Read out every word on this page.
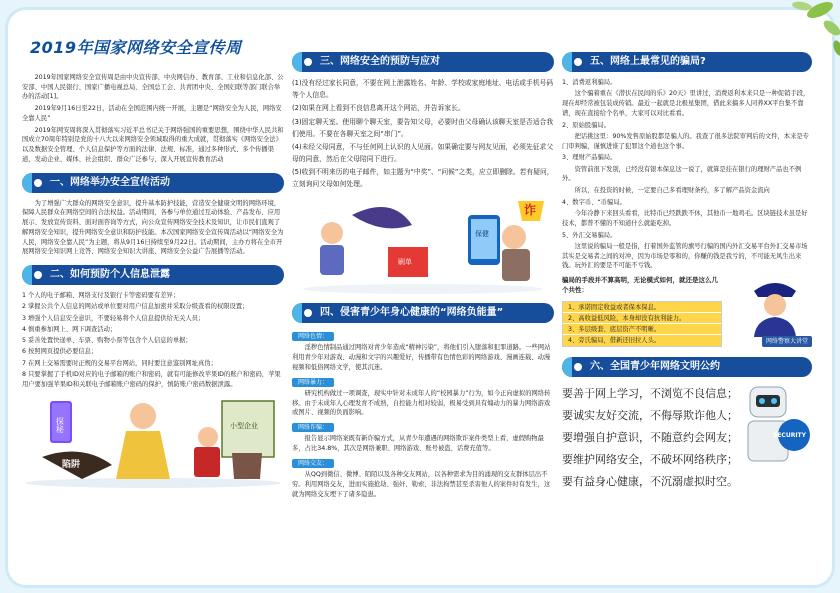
2019年国家网络安全宣传周
2019年国家网络安全宣传周是由中央宣传部、中央网信办、教育部、工业和信息化部、公安部、中国人民银行、国家广播电视总局、全国总工会、共青团中央、全国妇联等部门联合举办的活动[1]。
2019年9月16日至22日，活动在全国范围内统一开展，主题是“网络安全为人民，网络安全靠人民”
2019年网安周将深入贯彻落实习近平总书记关于网络强国的重要思想，围绕中华人民共和国成立70周年特别是党的十八大以来网络安全领域取得的重大成就，贯彻落实《网络安全法》以及数据安全管理、个人信息保护等方面的法律、法规、标准，通过多种形式、多个传播渠道，发动企业、媒体、社会组织、群众广泛参与，深入开展宣传教育活动
一、网络举办安全宣传活动
为了增强广大群众的网络安全意识，提升基本防护技能，营造安全健康文明的网络环境，保障人民群众在网络空间的合法权益。活动期间，各参与单位通过互动体验、产品发布、应用展示、发放宣传资料、面对面咨询等方式，向公众宣传网络安全技术及知识，让市民们直观了解网络安全知识，提升网络安全意识和防护技能。本次国家网络安全宣传周活动以“网络安全为人民，网络安全靠人民”为主题，将从9月16日持续至9月22日。活动期间，主办方将在全市开展网络安全知识网上竞答、网络安全知识大讲座、网络安全公益广告展播等活动。
二、如何预防个人信息泄露
1 个人的电子邮箱、网络支付及银行卡等密码要有差异；
2 掌握公共个人信息的网站或单位要对用户信息加密并采取分级查看的权限设置；
3 增强个人信息安全意识，不要轻易将个人信息提供给无关人员；
4 慎重参加网上、网下调查活动；
5 妥善处置快递单、车票、购物小票等包含个人信息的单据；
6 按照网页提供必要信息；
7 在网上交易需要时正规的交易平台网站，同时要注意鉴别网址真伪；
8 只要掌握了手机ID对应的电子邮箱的账户和密码，就有可能修改苹果ID的账户和密码，苹果用户要加强苹果ID和关联电子邮箱账户密码的保护，慎防账户密码数据泄露。
探秘
陷阱
小型企业
三、网络安全的预防与应对
(1)没有经过家长同意，不要在网上泄露姓名、年龄、学校或家庭地址、电话或手机号码等个人信息。
(2)如果在网上看到不良信息离开这个网站，并告诉家长。
(3)固定聊天室。使用聊个聊天室，要告知父母，必要时由父母确认该聊天室是否适合我们使用。不要在各聊天室之间“串门”。
(4)未经父母同意，不与任何网上认识的人见面。如果确定要与网友见面，必须先征求父母的同意，然后在父母陪同下进行。
(5)收到不明来历的电子邮件，如主题为“中奖”、“问候”之类，应立即删除。若有疑问，立刻询问父母如何处理。
诈
保健
刷单
四、侵害青少年身心健康的“网络负能量”
网络色情：
淫秽色情制品通过网络对青少年造成“精神污染”，将他们引入堕落和犯罪道路。一些网站利用青少年对游戏、动漫和文字的兴趣爱好，传播带有色情色彩的网络游戏、漫画连载、动漫视频和低俗网络文学，使其沉迷。
网络暴力：
研究机构做过一项调查，现实中针对未成年人的“校园暴力”行为，如今正向虚拟的网络转移。由于未成年人心理发育不成熟，自控能力相对较弱，极易受到具有煽动力的暴力网络游戏或图片、视频的负面影响。
网络诈骗：
报告显示网络案既有新诈骗方式，从青少年遭遇的网络欺诈案件类型上看，虚假购物最多，占比34.8%，其次是网络兼职、网络游戏、账号被盗、话费充值等。
网络交友：
从QQ到微信、微博、陌陌以及各种交友网站，以各种需求为目的涌现的交友群体层出不穷。利用网络交友，进而实施抢劫、强奸、勒索、非法拘禁甚至杀害他人的案件时有发生，这就为网络交友埋下了诸多隐患。
五、网络上最常见的骗局?
1、消费返利骗局。
这个骗着重在《潜伏在民间的乐》20天》里讲过，消费返利本来只是一种促销手段，现在却经常被包装成传销。最近一起就是北极星集团，借此来搞多人同养XX平台集不靠谱，现在直接给个名单，大家可以对比看看。
2、原始股骗局。
把话挑这里：90%发售原始股都是骗人的。我查了很多法院审判后的文件，本来是专门审判骗，谨慎进谁了犯罪这个道也这个事。
3、理财产品骗局。
资管前很下发别，已经没有银本保息这一说了，就算是挂在银行的理财产品也不例外。
所以，在投资的时候，一定要自己多看理财条约，多了解产品资金流向
4、数字币、“币骗局。
今年冷静下来回头看看，比特币已经跌跌不休，其他币一地鸡毛。区块链技术虽是好技术，都普不懂的不知道什么就能吃掉。
5、外汇交易骗局。
这里说的骗局一般是指，打着国外监管的旗号行骗的国内外汇交易平台外汇交易市场其实是交易者之间的对冲，因为市场是零和的，你赚的钱是我亏的，不可能无风生出来钱。玩外汇的要是不可能不亏钱。
骗局的手段并不算高明，无论模式如何，就还是这么几个共性：
1、承诺固定收益或者保本保息。
2、高收益低风险，本身却没有抗利能力。
3、多层级套、底层资产不明晰。
4、旁氏骗局，借新还旧拉人头。	网络警察大讲堂
六、全国青少年网络文明公约
要善于网上学习，不浏览不良信息；
要诚实友好交流，不侮辱欺诈他人；
要增强自护意识，不随意约会网友；
要维护网络安全，不破坏网络秩序；
要有益身心健康，不沉溺虚拟时空。
SECURITY
